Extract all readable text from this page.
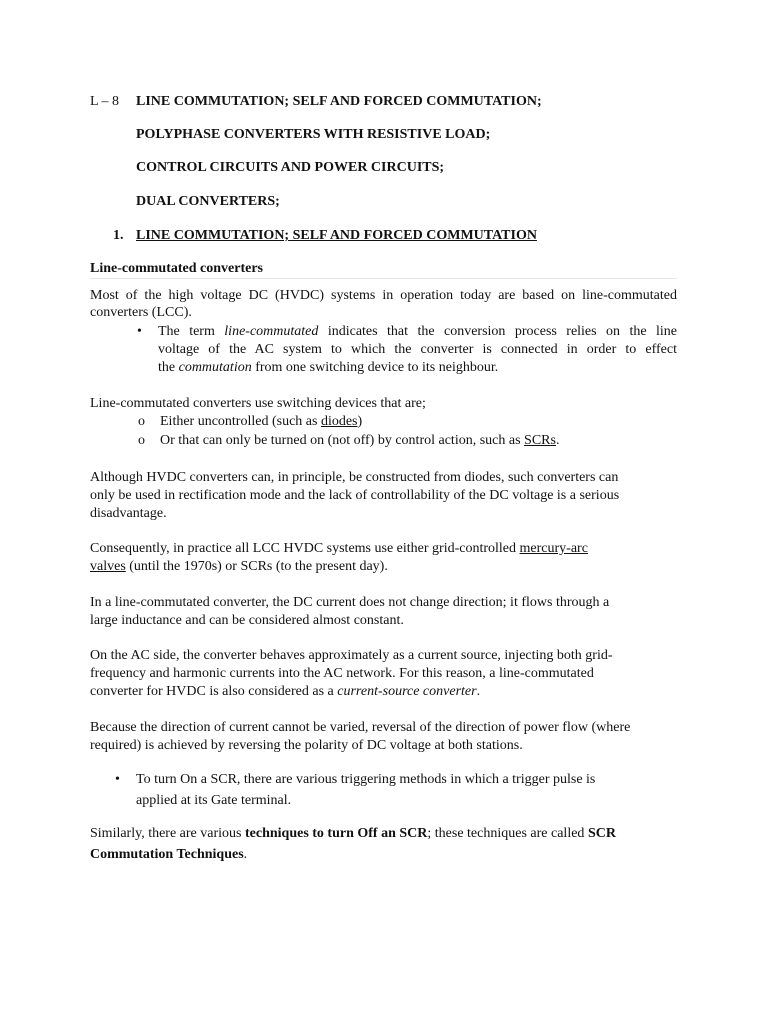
L – 8 LINE COMMUTATION; SELF AND FORCED COMMUTATION;
POLYPHASE CONVERTERS WITH RESISTIVE LOAD;
CONTROL CIRCUITS AND POWER CIRCUITS;
DUAL CONVERTERS;
1. LINE COMMUTATION; SELF AND FORCED COMMUTATION
Line-commutated converters
Most of the high voltage DC (HVDC) systems in operation today are based on line-commutated
converters (LCC).
• The term line-commutated indicates that the conversion process relies on the line
voltage of the AC system to which the converter is connected in order to effect
the commutation from one switching device to its neighbour.
Line-commutated converters use switching devices that are;
o Either uncontrolled (such as diodes)
o Or that can only be turned on (not off) by control action, such as SCRs.
Although HVDC converters can, in principle, be constructed from diodes, such converters can
only be used in rectification mode and the lack of controllability of the DC voltage is a serious
disadvantage.
Consequently, in practice all LCC HVDC systems use either grid-controlled mercury-arc
valves (until the 1970s) or SCRs (to the present day).
In a line-commutated converter, the DC current does not change direction; it flows through a
large inductance and can be considered almost constant.
On the AC side, the converter behaves approximately as a current source, injecting both grid-
frequency and harmonic currents into the AC network. For this reason, a line-commutated
converter for HVDC is also considered as a current-source converter.
Because the direction of current cannot be varied, reversal of the direction of power flow (where
required) is achieved by reversing the polarity of DC voltage at both stations.
• To turn On a SCR, there are various triggering methods in which a trigger pulse is
applied at its Gate terminal.
Similarly, there are various techniques to turn Off an SCR; these techniques are called SCR
Commutation Techniques.
